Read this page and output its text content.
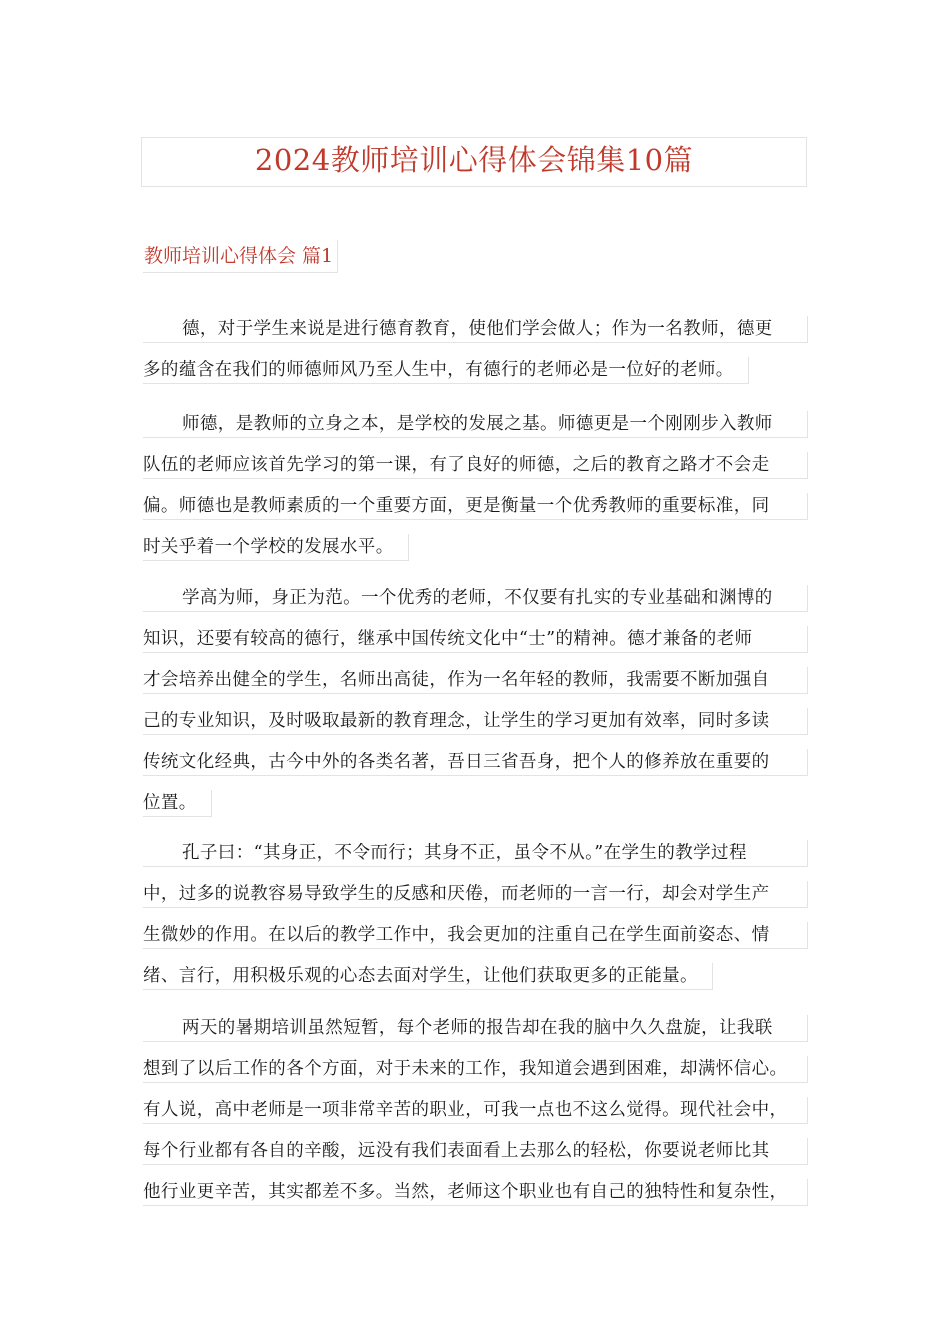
2024教师培训心得体会锦集10篇
教师培训心得体会 篇1
德，对于学生来说是进行德育教育，使他们学会做人；作为一名教师，德更
多的蕴含在我们的师德师风乃至人生中，有德行的老师必是一位好的老师。
师德，是教师的立身之本，是学校的发展之基。师德更是一个刚刚步入教师
队伍的老师应该首先学习的第一课，有了良好的师德，之后的教育之路才不会走
偏。师德也是教师素质的一个重要方面，更是衡量一个优秀教师的重要标准，同
时关乎着一个学校的发展水平。
学高为师，身正为范。一个优秀的老师，不仅要有扎实的专业基础和渊博的
知识，还要有较高的德行，继承中国传统文化中“士”的精神。德才兼备的老师
才会培养出健全的学生，名师出高徒，作为一名年轻的教师，我需要不断加强自
己的专业知识，及时吸取最新的教育理念，让学生的学习更加有效率，同时多读
传统文化经典，古今中外的各类名著，吾日三省吾身，把个人的修养放在重要的
位置。
孔子曰：“其身正，不令而行；其身不正，虽令不从。”在学生的教学过程
中，过多的说教容易导致学生的反感和厌倦，而老师的一言一行，却会对学生产
生微妙的作用。在以后的教学工作中，我会更加的注重自己在学生面前姿态、情
绪、言行，用积极乐观的心态去面对学生，让他们获取更多的正能量。
两天的暑期培训虽然短暂，每个老师的报告却在我的脑中久久盘旋，让我联
想到了以后工作的各个方面，对于未来的工作，我知道会遇到困难，却满怀信心。
有人说，高中老师是一项非常辛苦的职业，可我一点也不这么觉得。现代社会中，
每个行业都有各自的辛酸，远没有我们表面看上去那么的轻松，你要说老师比其
他行业更辛苦，其实都差不多。当然，老师这个职业也有自己的独特性和复杂性，
